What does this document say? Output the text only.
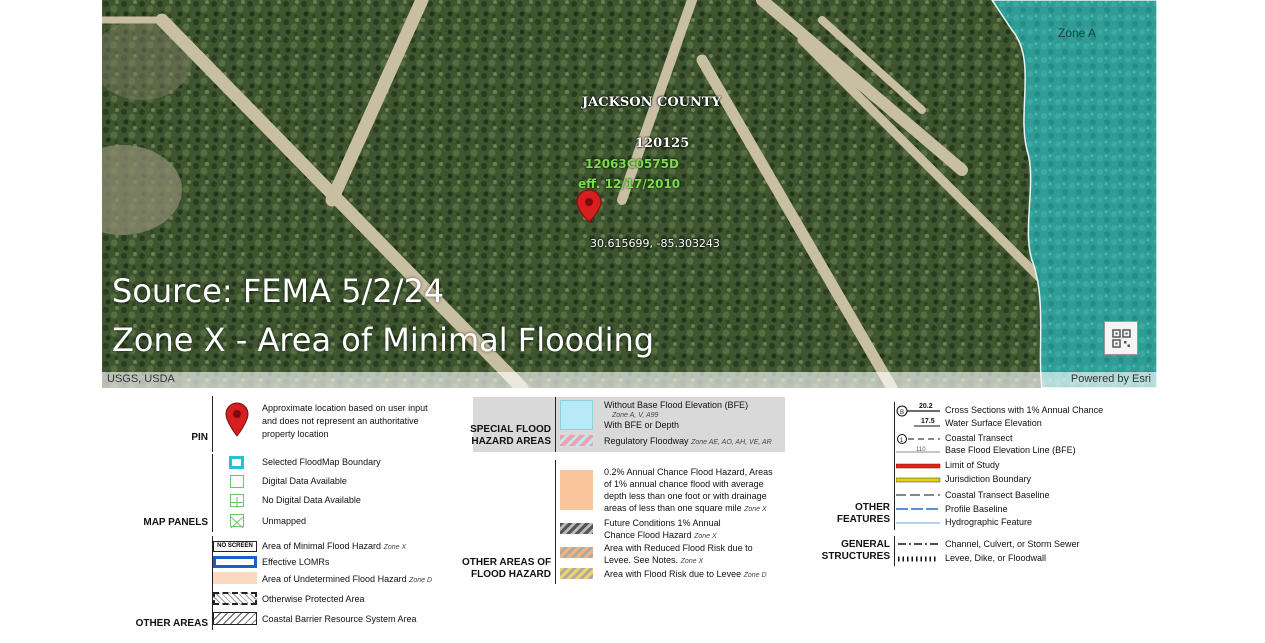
JACKSON COUNTY
120125
12063C0575D
eff. 12/17/2010
30.615699, -85.303243
Zone A
Source: FEMA 5/2/24
Zone X - Area of Minimal Flooding
USGS, USDA	Powered by Esri
PIN
Approximate location based on user input
and does not represent an authoritative
property location
MAP PANELS
Selected FloodMap Boundary
Digital Data Available
No Digital Data Available
Unmapped
OTHER AREAS
NO SCREEN	Area of Minimal Flood Hazard Zone X
Effective LOMRs
Area of Undetermined Flood Hazard Zone D
Otherwise Protected Area
Coastal Barrier Resource System Area
SPECIAL FLOOD
HAZARD AREAS
Without Base Flood Elevation (BFE)
Zone A, V, A99
With BFE or Depth
Regulatory Floodway Zone AE, AO, AH, VE, AR
OTHER AREAS OF
FLOOD HAZARD
0.2% Annual Chance Flood Hazard, Areas
of 1% annual chance flood with average
depth less than one foot or with drainage
areas of less than one square mile Zone X
Future Conditions 1% Annual
Chance Flood Hazard Zone X
Area with Reduced Flood Risk due to
Levee. See Notes. Zone X
Area with Flood Risk due to Levee Zone D
OTHER
FEATURES
B
1
20.2
17.5
110
Cross Sections with 1% Annual Chance
Water Surface Elevation
Coastal Transect
Base Flood Elevation Line (BFE)
Limit of Study
Jurisdiction Boundary
Coastal Transect Baseline
Profile Baseline
Hydrographic Feature
GENERAL
STRUCTURES
Channel, Culvert, or Storm Sewer
Levee, Dike, or Floodwall
